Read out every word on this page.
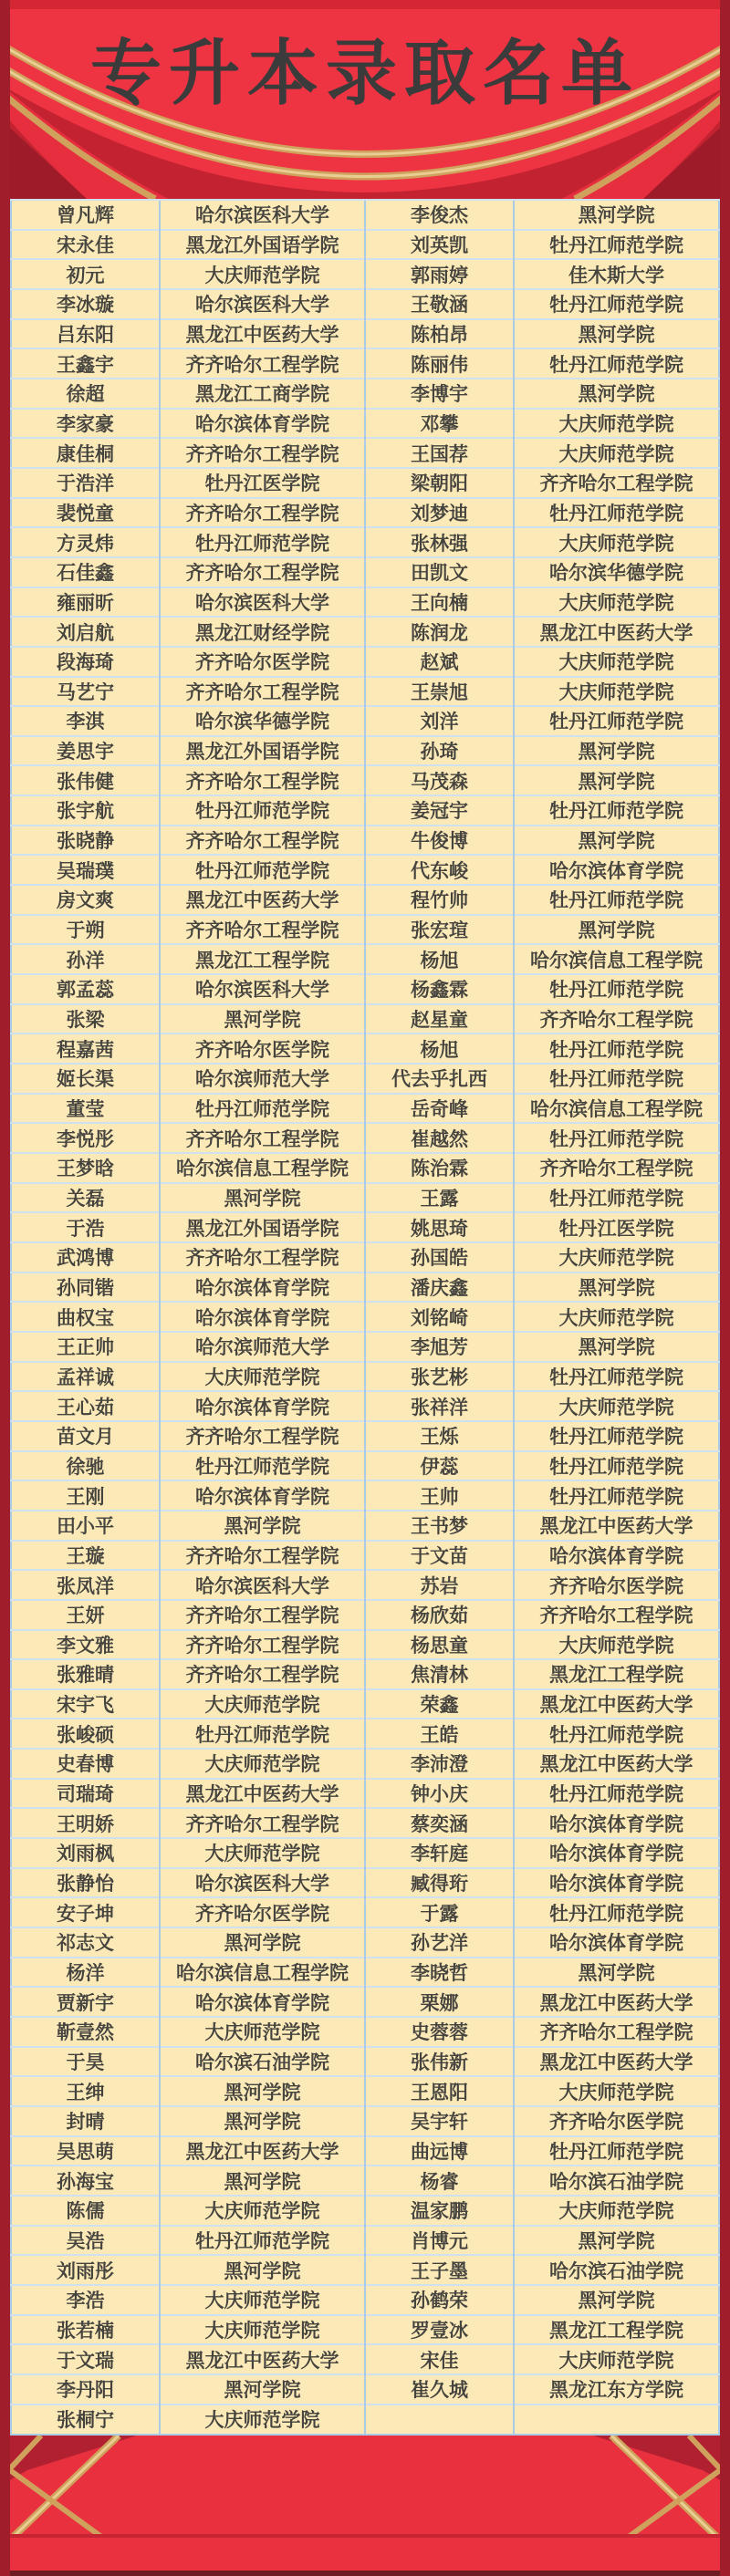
专升本录取名单
曾凡辉	哈尔滨医科大学	李俊杰	黑河学院
宋永佳	黑龙江外国语学院	刘英凯	牡丹江师范学院
初元	大庆师范学院	郭雨婷	佳木斯大学
李冰璇	哈尔滨医科大学	王敬涵	牡丹江师范学院
吕东阳	黑龙江中医药大学	陈柏昂	黑河学院
王鑫宇	齐齐哈尔工程学院	陈丽伟	牡丹江师范学院
徐超	黑龙江工商学院	李博宇	黑河学院
李家豪	哈尔滨体育学院	邓攀	大庆师范学院
康佳桐	齐齐哈尔工程学院	王国荐	大庆师范学院
于浩洋	牡丹江医学院	梁朝阳	齐齐哈尔工程学院
裴悦童	齐齐哈尔工程学院	刘梦迪	牡丹江师范学院
方灵炜	牡丹江师范学院	张林强	大庆师范学院
石佳鑫	齐齐哈尔工程学院	田凯文	哈尔滨华德学院
雍丽昕	哈尔滨医科大学	王向楠	大庆师范学院
刘启航	黑龙江财经学院	陈润龙	黑龙江中医药大学
段海琦	齐齐哈尔医学院	赵斌	大庆师范学院
马艺宁	齐齐哈尔工程学院	王崇旭	大庆师范学院
李淇	哈尔滨华德学院	刘洋	牡丹江师范学院
姜思宇	黑龙江外国语学院	孙琦	黑河学院
张伟健	齐齐哈尔工程学院	马茂森	黑河学院
张宇航	牡丹江师范学院	姜冠宇	牡丹江师范学院
张晓静	齐齐哈尔工程学院	牛俊博	黑河学院
吴瑞璞	牡丹江师范学院	代东峻	哈尔滨体育学院
房文爽	黑龙江中医药大学	程竹帅	牡丹江师范学院
于朔	齐齐哈尔工程学院	张宏瑄	黑河学院
孙洋	黑龙江工程学院	杨旭	哈尔滨信息工程学院
郭孟蕊	哈尔滨医科大学	杨鑫霖	牡丹江师范学院
张梁	黑河学院	赵星童	齐齐哈尔工程学院
程嘉茜	齐齐哈尔医学院	杨旭	牡丹江师范学院
姬长渠	哈尔滨师范大学	代去乎扎西	牡丹江师范学院
董莹	牡丹江师范学院	岳奇峰	哈尔滨信息工程学院
李悦彤	齐齐哈尔工程学院	崔越然	牡丹江师范学院
王梦晗	哈尔滨信息工程学院	陈治霖	齐齐哈尔工程学院
关磊	黑河学院	王露	牡丹江师范学院
于浩	黑龙江外国语学院	姚思琦	牡丹江医学院
武鸿博	齐齐哈尔工程学院	孙国皓	大庆师范学院
孙同锴	哈尔滨体育学院	潘庆鑫	黑河学院
曲权宝	哈尔滨体育学院	刘铭崎	大庆师范学院
王正帅	哈尔滨师范大学	李旭芳	黑河学院
孟祥诚	大庆师范学院	张艺彬	牡丹江师范学院
王心茹	哈尔滨体育学院	张祥洋	大庆师范学院
苗文月	齐齐哈尔工程学院	王烁	牡丹江师范学院
徐驰	牡丹江师范学院	伊蕊	牡丹江师范学院
王刚	哈尔滨体育学院	王帅	牡丹江师范学院
田小平	黑河学院	王书梦	黑龙江中医药大学
王璇	齐齐哈尔工程学院	于文苗	哈尔滨体育学院
张凤洋	哈尔滨医科大学	苏岩	齐齐哈尔医学院
王妍	齐齐哈尔工程学院	杨欣茹	齐齐哈尔工程学院
李文雅	齐齐哈尔工程学院	杨思童	大庆师范学院
张雅晴	齐齐哈尔工程学院	焦清林	黑龙江工程学院
宋宇飞	大庆师范学院	荣鑫	黑龙江中医药大学
张峻硕	牡丹江师范学院	王皓	牡丹江师范学院
史春博	大庆师范学院	李沛澄	黑龙江中医药大学
司瑞琦	黑龙江中医药大学	钟小庆	牡丹江师范学院
王明娇	齐齐哈尔工程学院	蔡奕涵	哈尔滨体育学院
刘雨枫	大庆师范学院	李轩庭	哈尔滨体育学院
张静怡	哈尔滨医科大学	臧得珩	哈尔滨体育学院
安子坤	齐齐哈尔医学院	于露	牡丹江师范学院
祁志文	黑河学院	孙艺洋	哈尔滨体育学院
杨洋	哈尔滨信息工程学院	李晓哲	黑河学院
贾新宇	哈尔滨体育学院	栗娜	黑龙江中医药大学
靳壹然	大庆师范学院	史蓉蓉	齐齐哈尔工程学院
于昊	哈尔滨石油学院	张伟新	黑龙江中医药大学
王绅	黑河学院	王恩阳	大庆师范学院
封晴	黑河学院	吴宇轩	齐齐哈尔医学院
吴思萌	黑龙江中医药大学	曲远博	牡丹江师范学院
孙海宝	黑河学院	杨睿	哈尔滨石油学院
陈儒	大庆师范学院	温家鹏	大庆师范学院
吴浩	牡丹江师范学院	肖博元	黑河学院
刘雨彤	黑河学院	王子墨	哈尔滨石油学院
李浩	大庆师范学院	孙鹤荣	黑河学院
张若楠	大庆师范学院	罗壹冰	黑龙江工程学院
于文瑞	黑龙江中医药大学	宋佳	大庆师范学院
李丹阳	黑河学院	崔久城	黑龙江东方学院
张桐宁	大庆师范学院		
